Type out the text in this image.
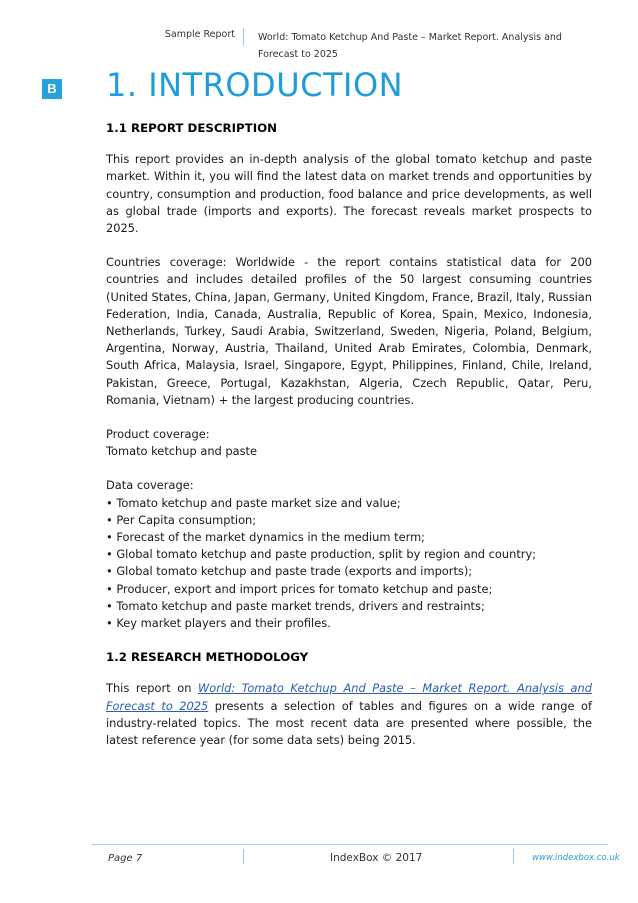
Sample Report World: Tomato Ketchup And Paste – Market Report. Analysis and Forecast to 2025
B 1. INTRODUCTION
1.1 REPORT DESCRIPTION

This report provides an in-depth analysis of the global tomato ketchup and paste market. Within it, you will find the latest data on market trends and opportunities by country, consumption and production, food balance and price developments, as well as global trade (imports and exports). The forecast reveals market prospects to 2025.

Countries coverage: Worldwide - the report contains statistical data for 200 countries and includes detailed profiles of the 50 largest consuming countries (United States, China, Japan, Germany, United Kingdom, France, Brazil, Italy, Russian Federation, India, Canada, Australia, Republic of Korea, Spain, Mexico, Indonesia, Netherlands, Turkey, Saudi Arabia, Switzerland, Sweden, Nigeria, Poland, Belgium, Argentina, Norway, Austria, Thailand, United Arab Emirates, Colombia, Denmark, South Africa, Malaysia, Israel, Singapore, Egypt, Philippines, Finland, Chile, Ireland, Pakistan, Greece, Portugal, Kazakhstan, Algeria, Czech Republic, Qatar, Peru, Romania, Vietnam) + the largest producing countries.

Product coverage:

Tomato ketchup and paste

Data coverage:

• Tomato ketchup and paste market size and value;
• Per Capita consumption;
• Forecast of the market dynamics in the medium term;
• Global tomato ketchup and paste production, split by region and country;
• Global tomato ketchup and paste trade (exports and imports);
• Producer, export and import prices for tomato ketchup and paste;
• Tomato ketchup and paste market trends, drivers and restraints;
• Key market players and their profiles.
1.2 RESEARCH METHODOLOGY

This report on World: Tomato Ketchup And Paste – Market Report. Analysis and Forecast to 2025 presents a selection of tables and figures on a wide range of industry-related topics. The most recent data are presented where possible, the latest reference year (for some data sets) being 2015.

Page 7	IndexBox © 2017	www.indexbox.co.uk
